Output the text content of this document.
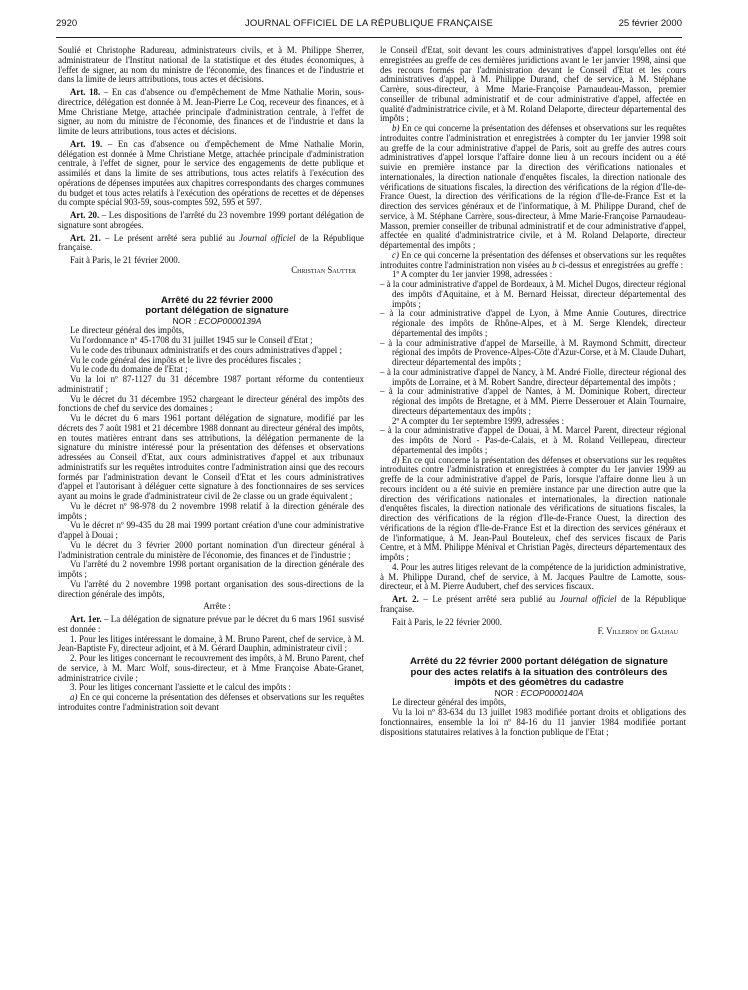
2920	JOURNAL OFFICIEL DE LA RÉPUBLIQUE FRANÇAISE	25 février 2000

Soulié et Christophe Radureau, administrateurs civils, et à M. Philippe Sherrer, administrateur de l'Institut national de la statistique et des études économiques, à l'effet de signer, au nom du ministre de l'économie, des finances et de l'industrie et dans la limite de leurs attributions, tous actes et décisions.

Art. 18. – En cas d'absence ou d'empêchement de Mme Nathalie Morin, sous-directrice, délégation est donnée à M. Jean-Pierre Le Coq, receveur des finances, et à Mme Christiane Metge, attachée principale d'administration centrale, à l'effet de signer, au nom du ministre de l'économie, des finances et de l'industrie et dans la limite de leurs attributions, tous actes et décisions.

Art. 19. – En cas d'absence ou d'empêchement de Mme Nathalie Morin, délégation est donnée à Mme Christiane Metge, attachée principale d'administration centrale, à l'effet de signer, pour le service des engagements de dette publique et assimilés et dans la limite de ses attributions, tous actes relatifs à l'exécution des opérations de dépenses imputées aux chapitres correspondants des charges communes du budget et tous actes relatifs à l'exécution des opérations de recettes et de dépenses du compte spécial 903-59, sous-comptes 592, 595 et 597.

Art. 20. – Les dispositions de l'arrêté du 23 novembre 1999 portant délégation de signature sont abrogées.

Art. 21. – Le présent arrêté sera publié au Journal officiel de la République française.

Fait à Paris, le 21 février 2000.

Christian Sautter

Arrêté du 22 février 2000

portant délégation de signature

NOR : ECOP0000139A

Le directeur général des impôts,

Vu l'ordonnance nº 45-1708 du 31 juillet 1945 sur le Conseil d'Etat ;

Vu le code des tribunaux administratifs et des cours administratives d'appel ;

Vu le code général des impôts et le livre des procédures fiscales ;

Vu le code du domaine de l'Etat ;

Vu la loi nº 87-1127 du 31 décembre 1987 portant réforme du contentieux administratif ;

Vu le décret du 31 décembre 1952 chargeant le directeur général des impôts des fonctions de chef du service des domaines ;

Vu le décret du 6 mars 1961 portant délégation de signature, modifié par les décrets des 7 août 1981 et 21 décembre 1988 donnant au directeur général des impôts, en toutes matières entrant dans ses attributions, la délégation permanente de la signature du ministre intéressé pour la présentation des défenses et observations adressées au Conseil d'Etat, aux cours administratives d'appel et aux tribunaux administratifs sur les requêtes introduites contre l'administration ainsi que des recours formés par l'administration devant le Conseil d'Etat et les cours administratives d'appel et l'autorisant à déléguer cette signature à des fonctionnaires de ses services ayant au moins le grade d'administrateur civil de 2e classe ou un grade équivalent ;

Vu le décret nº 98-978 du 2 novembre 1998 relatif à la direction générale des impôts ;

Vu le décret nº 99-435 du 28 mai 1999 portant création d'une cour administrative d'appel à Douai ;

Vu le décret du 3 février 2000 portant nomination d'un directeur général à l'administration centrale du ministère de l'économie, des finances et de l'industrie ;

Vu l'arrêté du 2 novembre 1998 portant organisation de la direction générale des impôts ;

Vu l'arrêté du 2 novembre 1998 portant organisation des sous-directions de la direction générale des impôts,

Arrête :

Art. 1er. – La délégation de signature prévue par le décret du 6 mars 1961 susvisé est donnée :

1. Pour les litiges intéressant le domaine, à M. Bruno Parent, chef de service, à M. Jean-Baptiste Fy, directeur adjoint, et à M. Gérard Dauphin, administrateur civil ;

2. Pour les litiges concernant le recouvrement des impôts, à M. Bruno Parent, chef de service, à M. Marc Wolf, sous-directeur, et à Mme Françoise Abate-Granet, administratrice civile ;

3. Pour les litiges concernant l'assiette et le calcul des impôts :

a) En ce qui concerne la présentation des défenses et observations sur les requêtes introduites contre l'administration soit devant

le Conseil d'Etat, soit devant les cours administratives d'appel lorsqu'elles ont été enregistrées au greffe de ces dernières juridictions avant le 1er janvier 1998, ainsi que des recours formés par l'administration devant le Conseil d'Etat et les cours administratives d'appel, à M. Philippe Durand, chef de service, à M. Stéphane Carrère, sous-directeur, à Mme Marie-Françoise Parnaudeau-Masson, premier conseiller de tribunal administratif et de cour administrative d'appel, affectée en qualité d'administratrice civile, et à M. Roland Delaporte, directeur départemental des impôts ;

b) En ce qui concerne la présentation des défenses et observations sur les requêtes introduites contre l'administration et enregistrées à compter du 1er janvier 1998 soit au greffe de la cour administrative d'appel de Paris, soit au greffe des autres cours administratives d'appel lorsque l'affaire donne lieu à un recours incident ou a été suivie en première instance par la direction des vérifications nationales et internationales, la direction nationale d'enquêtes fiscales, la direction nationale des vérifications de situations fiscales, la direction des vérifications de la région d'Ile-de-France Ouest, la direction des vérifications de la région d'Ile-de-France Est et la direction des services généraux et de l'informatique, à M. Philippe Durand, chef de service, à M. Stéphane Carrère, sous-directeur, à Mme Marie-Françoise Parnaudeau-Masson, premier conseiller de tribunal administratif et de cour administrative d'appel, affectée en qualité d'administratrice civile, et à M. Roland Delaporte, directeur départemental des impôts ;

c) En ce qui concerne la présentation des défenses et observations sur les requêtes introduites contre l'administration non visées au b ci-dessus et enregistrées au greffe :

1º A compter du 1er janvier 1998, adressées :

– à la cour administrative d'appel de Bordeaux, à M. Michel Dugos, directeur régional des impôts d'Aquitaine, et à M. Bernard Heissat, directeur départemental des impôts ;

– à la cour administrative d'appel de Lyon, à Mme Annie Coutures, directrice régionale des impôts de Rhône-Alpes, et à M. Serge Klendek, directeur départemental des impôts ;

– à la cour administrative d'appel de Marseille, à M. Raymond Schmitt, directeur régional des impôts de Provence-Alpes-Côte d'Azur-Corse, et à M. Claude Duhart, directeur départemental des impôts ;

– à la cour administrative d'appel de Nancy, à M. André Fiolle, directeur régional des impôts de Lorraine, et à M. Robert Sandre, directeur départemental des impôts ;

– à la cour administrative d'appel de Nantes, à M. Dominique Robert, directeur régional des impôts de Bretagne, et à MM. Pierre Desserouer et Alain Tournaire, directeurs départementaux des impôts ;

2º A compter du 1er septembre 1999, adressées :

– à la cour administrative d'appel de Douai, à M. Marcel Parent, directeur régional des impôts de Nord - Pas-de-Calais, et à M. Roland Veillepeau, directeur départemental des impôts ;

d) En ce qui concerne la présentation des défenses et observations sur les requêtes introduites contre l'administration et enregistrées à compter du 1er janvier 1999 au greffe de la cour administrative d'appel de Paris, lorsque l'affaire donne lieu à un recours incident ou a été suivie en première instance par une direction autre que la direction des vérifications nationales et internationales, la direction nationale d'enquêtes fiscales, la direction nationale des vérifications de situations fiscales, la direction des vérifications de la région d'Ile-de-France Ouest, la direction des vérifications de la région d'Ile-de-France Est et la direction des services généraux et de l'informatique, à M. Jean-Paul Bouteleux, chef des services fiscaux de Paris Centre, et à MM. Philippe Ménival et Christian Pagès, directeurs départementaux des impôts ;

4. Pour les autres litiges relevant de la compétence de la juridiction administrative, à M. Philippe Durand, chef de service, à M. Jacques Paultre de Lamotte, sous-directeur, et à M. Pierre Audubert, chef des services fiscaux.

Art. 2. – Le présent arrêté sera publié au Journal officiel de la République française.

Fait à Paris, le 22 février 2000.

F. Villeroy de Galhau

Arrêté du 22 février 2000 portant délégation de signature

pour des actes relatifs à la situation des contrôleurs des

impôts et des géomètres du cadastre

NOR : ECOP0000140A

Le directeur général des impôts,

Vu la loi nº 83-634 du 13 juillet 1983 modifiée portant droits et obligations des fonctionnaires, ensemble la loi nº 84-16 du 11 janvier 1984 modifiée portant dispositions statutaires relatives à la fonction publique de l'Etat ;
